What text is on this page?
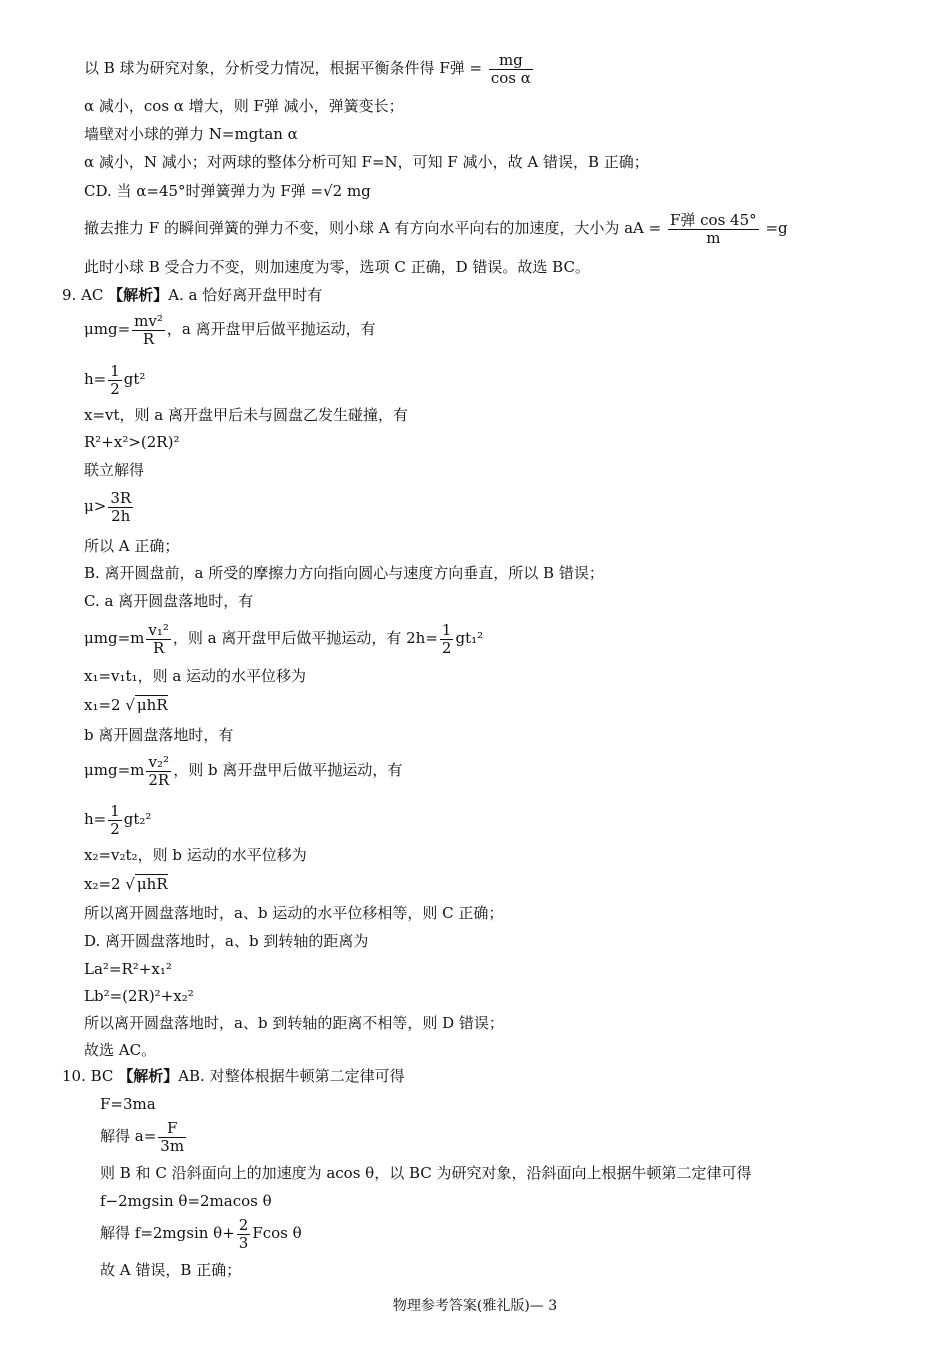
以 B 球为研究对象，分析受力情况，根据平衡条件得 F弹 = $\frac{mg}{\text{cos α}}$
α 减小，cos α 增大，则 F弹 减小，弹簧变长；
墙壁对小球的弹力 N=mgtan α
α 减小，N 减小；对两球的整体分析可知 F=N，可知 F 减小，故 A 错误，B 正确；
CD. 当 α=45°时弹簧弹力为 F弹 =√2 mg
撤去推力 F 的瞬间弹簧的弹力不变，则小球 A 有方向水平向右的加速度，大小为 aA = $\frac{\text{F弹 cos 45°}}{m} =g$
此时小球 B 受合力不变，则加速度为零，选项 C 正确，D 错误。故选 BC。
9. AC 【解析】A. a 恰好离开盘甲时有
$\mu mg= \frac{\text{mv²}}{R}$ ，a 离开盘甲后做平抛运动，有
$h= \frac{1}{2} gt^2$
x=vt，则 a 离开盘甲后未与圆盘乙发生碰撞，有
R²+x²>(2R)²
联立解得
$\mu> \frac{3R}{2h}$
所以 A 正确；
B. 离开圆盘前，a 所受的摩擦力方向指向圆心与速度方向垂直，所以 B 错误；
C. a 离开圆盘落地时，有
$\mu mg=m \frac{\text{v₁²}}{R}$ ，则 a 离开盘甲后做平抛运动，有 $2h= \frac{1}{2} gt_1^2$
x₁=v₁t₁，则 a 运动的水平位移为
x₁=2 √ μhR
b 离开圆盘落地时，有
$\mu mg=m \frac{\text{v₂²}}{2R}$ ，则 b 离开盘甲后做平抛运动，有
$h= \frac{1}{2} gt_2^2$
x₂=v₂t₂，则 b 运动的水平位移为
x₂=2 √ μhR
所以离开圆盘落地时，a、b 运动的水平位移相等，则 C 正确；
D. 离开圆盘落地时，a、b 到转轴的距离为
La²=R²+x₁²
Lb²=(2R)²+x₂²
所以离开圆盘落地时，a、b 到转轴的距离不相等，则 D 错误；
故选 AC。
10. BC 【解析】AB. 对整体根据牛顿第二定律可得
F=3ma
解得 $a= \frac{F}{3m}$
则 B 和 C 沿斜面向上的加速度为 acos θ，以 BC 为研究对象，沿斜面向上根据牛顿第二定律可得
f−2mgsin θ=2macos θ
解得 f=2mgsin $\theta+ \frac{2}{3}$ Fcos θ
故 A 错误，B 正确；
物理参考答案(雅礼版)— 3
